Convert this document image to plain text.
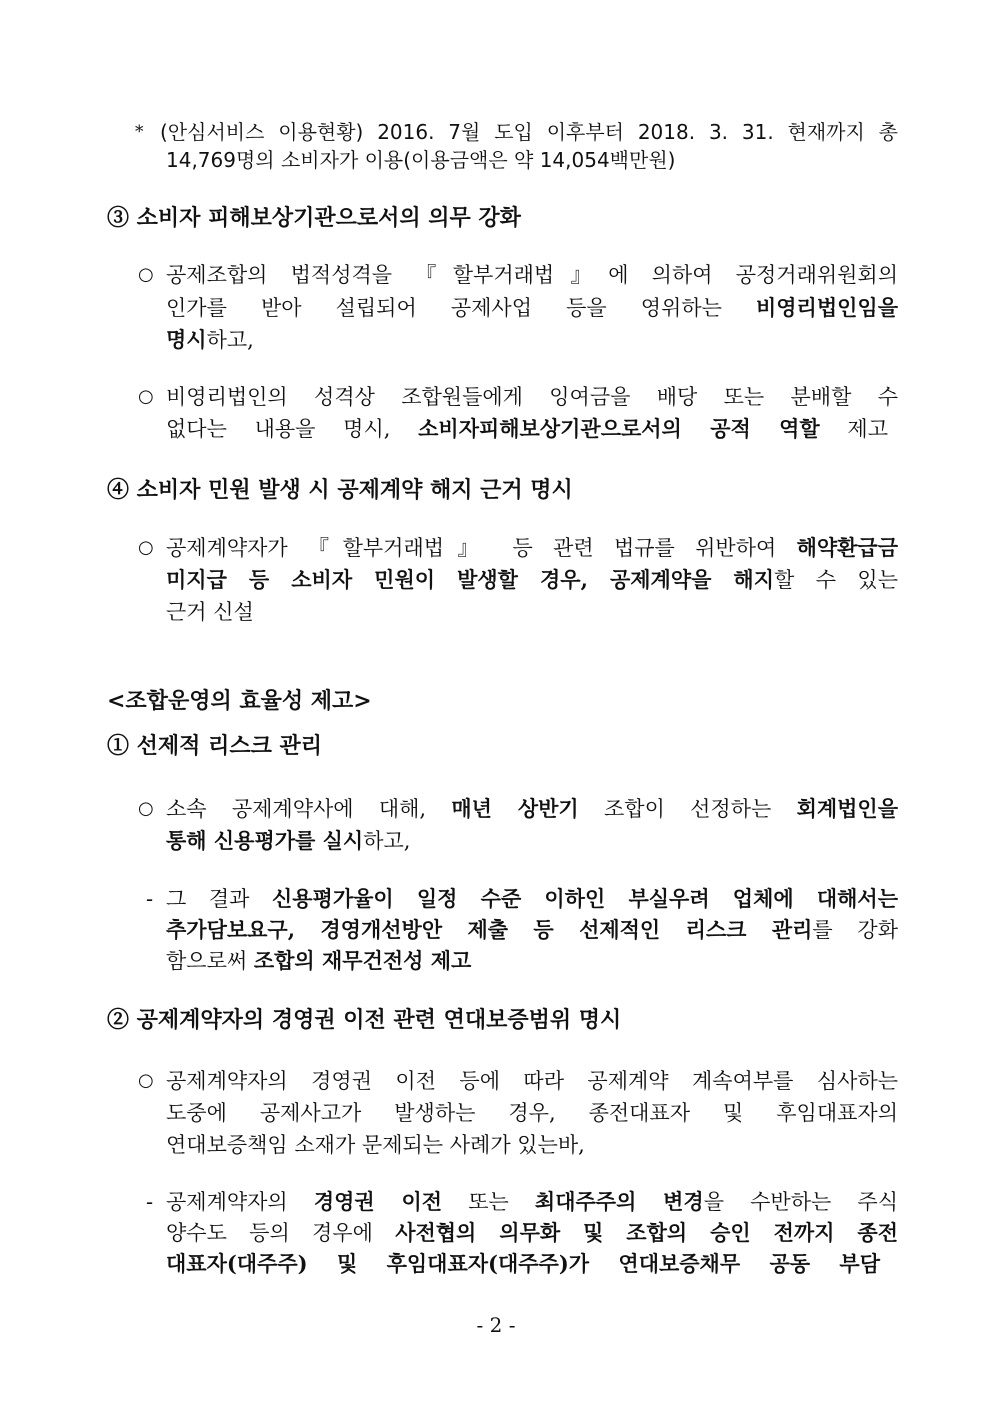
* (안심서비스 이용현황) 2016. 7월 도입 이후부터 2018. 3. 31. 현재까지 총
14,769명의 소비자가 이용(이용금액은 약 14,054백만원)
③ 소비자 피해보상기관으로서의 의무 강화
○ 공제조합의 법적성격을 『할부거래법』에 의하여 공정거래위원회의
인가를 받아 설립되어 공제사업 등을 영위하는 비영리법인임을
명시하고,
○ 비영리법인의 성격상 조합원들에게 잉여금을 배당 또는 분배할 수
없다는 내용을 명시, 소비자피해보상기관으로서의 공적 역할 제고
④ 소비자 민원 발생 시 공제계약 해지 근거 명시
○ 공제계약자가 『할부거래법』 등 관련 법규를 위반하여 해약환급금
미지급 등 소비자 민원이 발생할 경우, 공제계약을 해지할 수 있는
근거 신설
<조합운영의 효율성 제고>
① 선제적 리스크 관리
○ 소속 공제계약사에 대해, 매년 상반기 조합이 선정하는 회계법인을
통해 신용평가를 실시하고,
- 그 결과 신용평가율이 일정 수준 이하인 부실우려 업체에 대해서는
추가담보요구, 경영개선방안 제출 등 선제적인 리스크 관리를 강화
함으로써 조합의 재무건전성 제고
② 공제계약자의 경영권 이전 관련 연대보증범위 명시
○ 공제계약자의 경영권 이전 등에 따라 공제계약 계속여부를 심사하는
도중에 공제사고가 발생하는 경우, 종전대표자 및 후임대표자의
연대보증책임 소재가 문제되는 사례가 있는바,
- 공제계약자의 경영권 이전 또는 최대주주의 변경을 수반하는 주식
양수도 등의 경우에 사전협의 의무화 및 조합의 승인 전까지 종전
대표자(대주주) 및 후임대표자(대주주)가 연대보증채무 공동 부담
- 2 -
